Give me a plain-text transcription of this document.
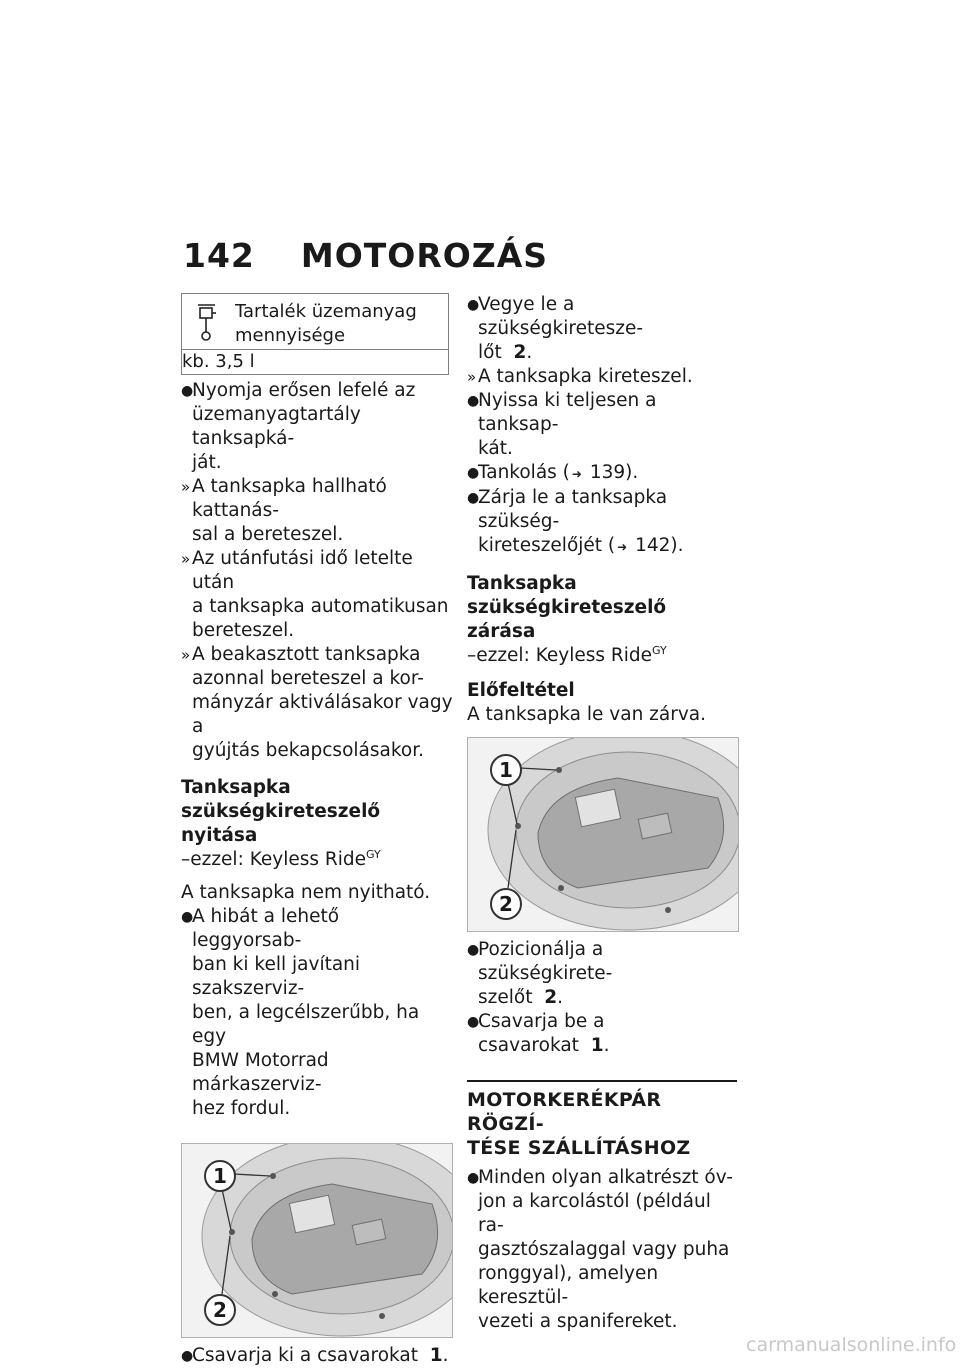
142 MOTOROZÁS
Tartalék üzemanyag
mennyisége

kb. 3,5 l
●
Nyomja erősen lefelé az
üzemanyagtartály tanksapká-
ját.
» A tanksapka hallható kattanás-
sal a bereteszel.
» Az utánfutási idő letelte után
a tanksapka automatikusan
bereteszel.
» A beakasztott tanksapka
azonnal bereteszel a kor-
mányzár aktiválásakor vagy a
gyújtás bekapcsolásakor.
Tanksapka szükségkireteszelő
nyitása
–ezzel: Keyless Ride$^{GY}$
A tanksapka nem nyitható.
●
A hibát a lehető leggyorsab-
ban ki kell javítani szakszerviz-
ben, a legcélszerűbb, ha egy
BMW Motorrad márkaszerviz-
hez fordul.
1
2
●
Csavarja ki a csavarokat 1.
●
Vegye le a szükségkiretesze-
lőt 2.
» A tanksapka kireteszel.
●
Nyissa ki teljesen a tanksap-
kát.
●
Tankolás ( ➜ 139).
●
Zárja le a tanksapka szükség-
kireteszelőjét ( ➜ 142).
Tanksapka szükségkireteszelő
zárása
–ezzel: Keyless Ride$^{GY}$
Előfeltétel
A tanksapka le van zárva.
1
2
●
Pozicionálja a szükségkirete-
szelőt 2.
●
Csavarja be a csavarokat 1.
MOTORKERÉKPÁR RÖGZÍ-
TÉSE SZÁLLÍTÁSHOZ
●
Minden olyan alkatrészt óv-
jon a karcolástól (például ra-
gasztószalaggal vagy puha
ronggyal), amelyen keresztül-
vezeti a spanifereket.
carmanualsonline.info
